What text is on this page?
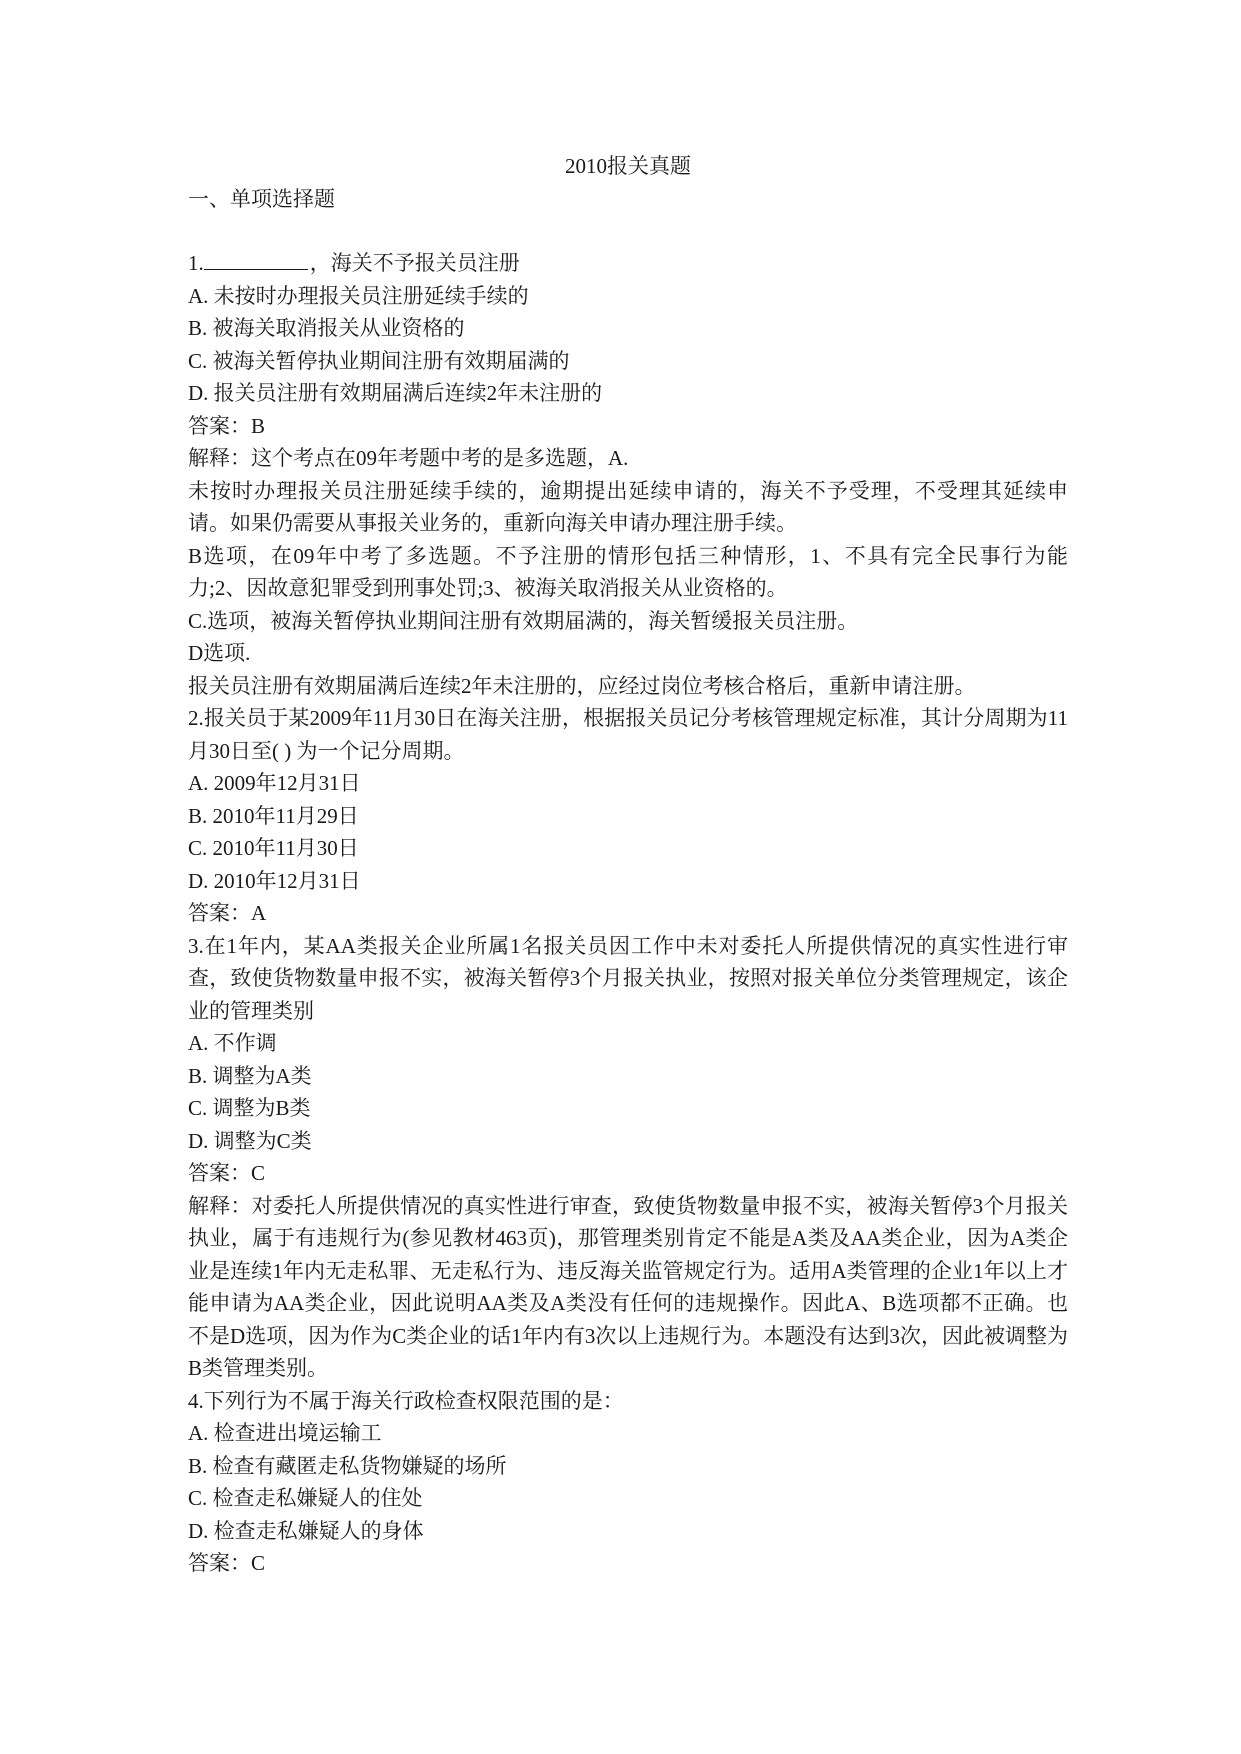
2010报关真题
一、单项选择题

1.	，海关不予报关员注册

A. 未按时办理报关员注册延续手续的

B. 被海关取消报关从业资格的

C. 被海关暂停执业期间注册有效期届满的

D. 报关员注册有效期届满后连续2年未注册的

答案：B

解释：这个考点在09年考题中考的是多选题，A.

未按时办理报关员注册延续手续的，逾期提出延续申请的，海关不予受理，不受理其延续申请。如果仍需要从事报关业务的，重新向海关申请办理注册手续。

B选项，在09年中考了多选题。不予注册的情形包括三种情形，1、不具有完全民事行为能力;2、因故意犯罪受到刑事处罚;3、被海关取消报关从业资格的。

C.选项，被海关暂停执业期间注册有效期届满的，海关暂缓报关员注册。

D选项.

报关员注册有效期届满后连续2年未注册的，应经过岗位考核合格后，重新申请注册。

2.报关员于某2009年11月30日在海关注册，根据报关员记分考核管理规定标准，其计分周期为11月30日至( ) 为一个记分周期。

A. 2009年12月31日

B. 2010年11月29日

C. 2010年11月30日

D. 2010年12月31日

答案：A

3.在1年内，某AA类报关企业所属1名报关员因工作中未对委托人所提供情况的真实性进行审查，致使货物数量申报不实，被海关暂停3个月报关执业，按照对报关单位分类管理规定，该企业的管理类别

A. 不作调

B. 调整为A类

C. 调整为B类

D. 调整为C类

答案：C

解释：对委托人所提供情况的真实性进行审查，致使货物数量申报不实，被海关暂停3个月报关执业，属于有违规行为(参见教材463页)，那管理类别肯定不能是A类及AA类企业，因为A类企业是连续1年内无走私罪、无走私行为、违反海关监管规定行为。适用A类管理的企业1年以上才能申请为AA类企业，因此说明AA类及A类没有任何的违规操作。因此A、B选项都不正确。也不是D选项，因为作为C类企业的话1年内有3次以上违规行为。本题没有达到3次，因此被调整为B类管理类别。

4.下列行为不属于海关行政检查权限范围的是：

A. 检查进出境运输工

B. 检查有藏匿走私货物嫌疑的场所

C. 检查走私嫌疑人的住处

D. 检查走私嫌疑人的身体

答案：C
